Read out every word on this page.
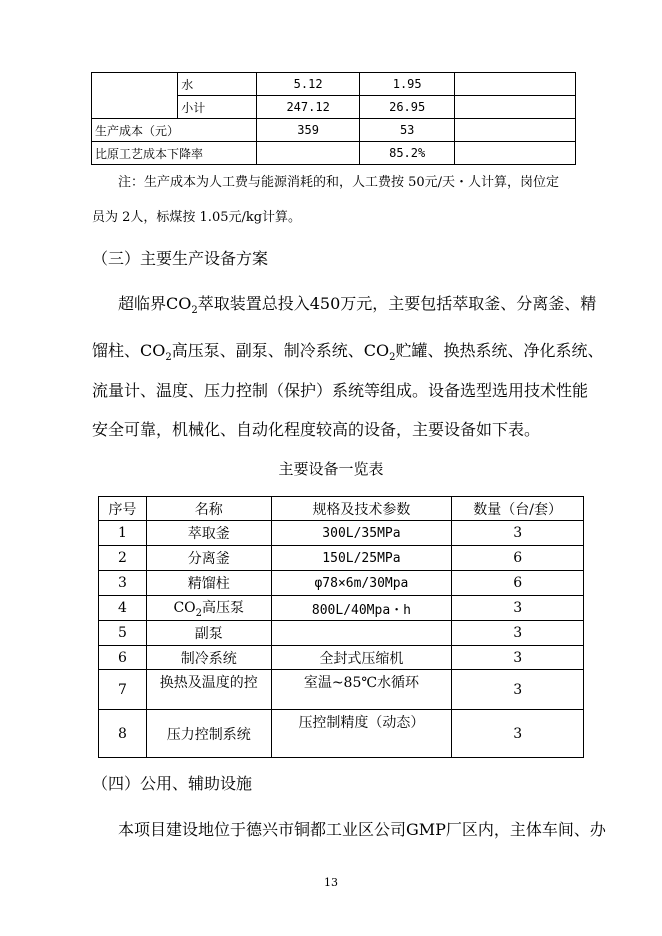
	水	5.12	1.95	
	小计	247.12	26.95	
生产成本（元）		359	53	
比原工艺成本下降率			85.2%	
注：生产成本为人工费与能源消耗的和，人工费按 50元/天・人计算，岗位定
员为 2人，标煤按 1.05元/kg计算。
（三）主要生产设备方案
超临界$CO_2$萃取装置总投入450万元，主要包括萃取釜、分离釜、精
馏柱、$CO_2$高压泵、副泵、制冷系统、$CO_2$贮罐、换热系统、净化系统、
流量计、温度、压力控制（保护）系统等组成。设备选型选用技术性能
安全可靠，机械化、自动化程度较高的设备，主要设备如下表。
主要设备一览表
序号	名称	规格及技术参数	数量（台/套）
1	萃取釜	300L/35MPa	3
2	分离釜	150L/25MPa	6
3	精馏柱	φ78×6m/30Mpa	6
4	$CO_2$高压泵	800L/40Mpa・h	3
5	副泵		3
6	制冷系统	全封式压缩机	3
7	换热及温度的控	室温~85℃水循环	3
8	压力控制系统	压控制精度（动态）	3
（四）公用、辅助设施
本项目建设地位于德兴市铜都工业区公司GMP厂区内，主体车间、办
13
